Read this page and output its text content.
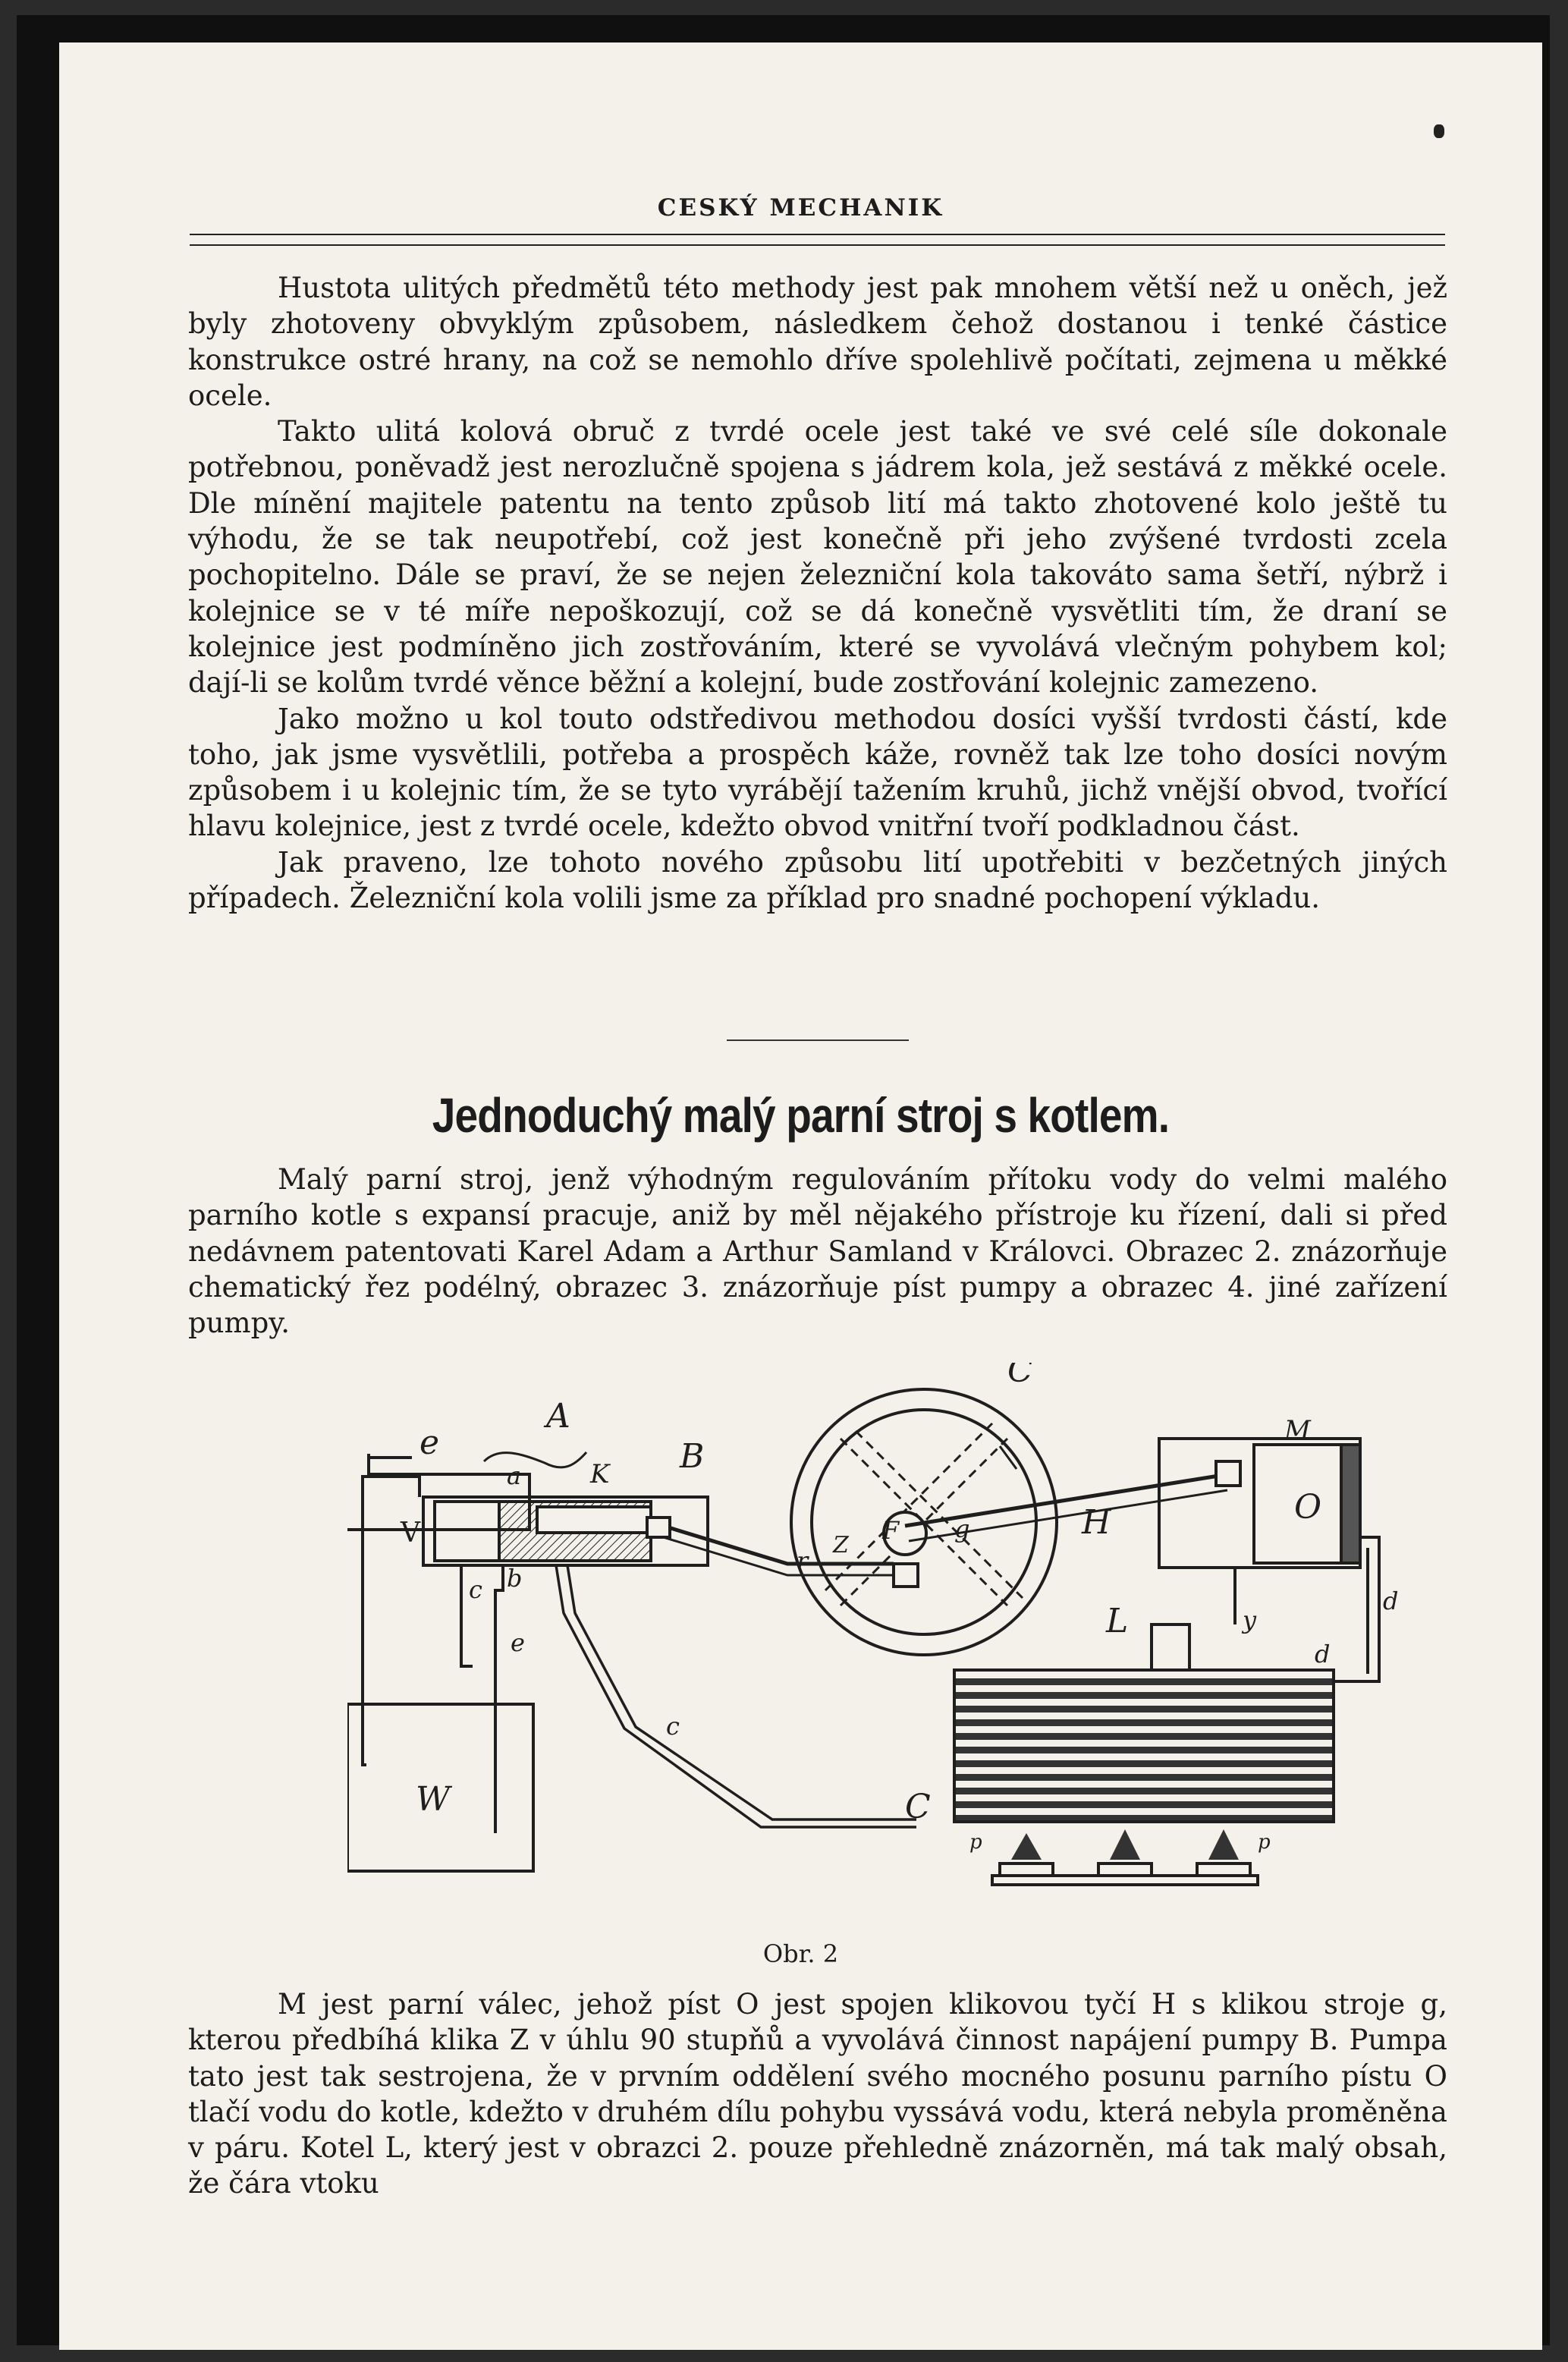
CESKÝ MECHANIK

Hustota ulitých předmětů této methody jest pak mnohem větší než u oněch, jež byly zhotoveny obvyklým způsobem, následkem čehož dostanou i tenké částice konstrukce ostré hrany, na což se nemohlo dříve spolehlivě počítati, zejmena u měkké ocele.

Takto ulitá kolová obruč z tvrdé ocele jest také ve své celé síle dokonale potřebnou, poněvadž jest nerozlučně spojena s jádrem kola, jež sestává z měkké ocele. Dle mínění majitele patentu na tento způsob lití má takto zhotovené kolo ještě tu výhodu, že se tak neupotřebí, což jest konečně při jeho zvýšené tvrdosti zcela pochopitelno. Dále se praví, že se nejen železniční kola takováto sama šetří, nýbrž i kolejnice se v té míře nepoškozují, což se dá konečně vysvětliti tím, že draní se kolejnice jest podmíněno jich zostřováním, které se vyvolává vlečným pohybem kol; dají-li se kolům tvrdé věnce běžní a kolejní, bude zostřování kolejnic zamezeno.

Jako možno u kol touto odstředivou methodou dosíci vyšší tvrdosti částí, kde toho, jak jsme vysvětlili, potřeba a prospěch káže, rovněž tak lze toho dosíci novým způsobem i u kolejnic tím, že se tyto vyrábějí tažením kruhů, jichž vnější obvod, tvořící hlavu kolejnice, jest z tvrdé ocele, kdežto obvod vnitřní tvoří podkladnou část.

Jak praveno, lze tohoto nového způsobu lití upotřebiti v bezčetných jiných případech. Železniční kola volili jsme za příklad pro snadné pochopení výkladu.

Jednoduchý malý parní stroj s kotlem.

Malý parní stroj, jenž výhodným regulováním přítoku vody do velmi malého parního kotle s expansí pracuje, aniž by měl nějakého přístroje ku řízení, dali si před nedávnem patentovati Karel Adam a Arthur Samland v Královci. Obrazec 2. znázorňuje chematický řez podélný, obrazec 3. znázorňuje píst pumpy a obrazec 4. jiné zařízení pumpy.

e
A
a	K B
V
c b
e
W
c
C
C
r
Z
F g	H
M
O
y
d
d
L
p	p
Obr. 2

M jest parní válec, jehož píst O jest spojen klikovou tyčí H s klikou stroje g, kterou předbíhá klika Z v úhlu 90 stupňů a vyvolává činnost napájení pumpy B. Pumpa tato jest tak sestrojena, že v prvním oddělení svého mocného posunu parního pístu O tlačí vodu do kotle, kdežto v druhém dílu pohybu vyssává vodu, která nebyla proměněna v páru. Kotel L, který jest v obrazci 2. pouze přehledně znázorněn, má tak malý obsah, že čára vtoku
